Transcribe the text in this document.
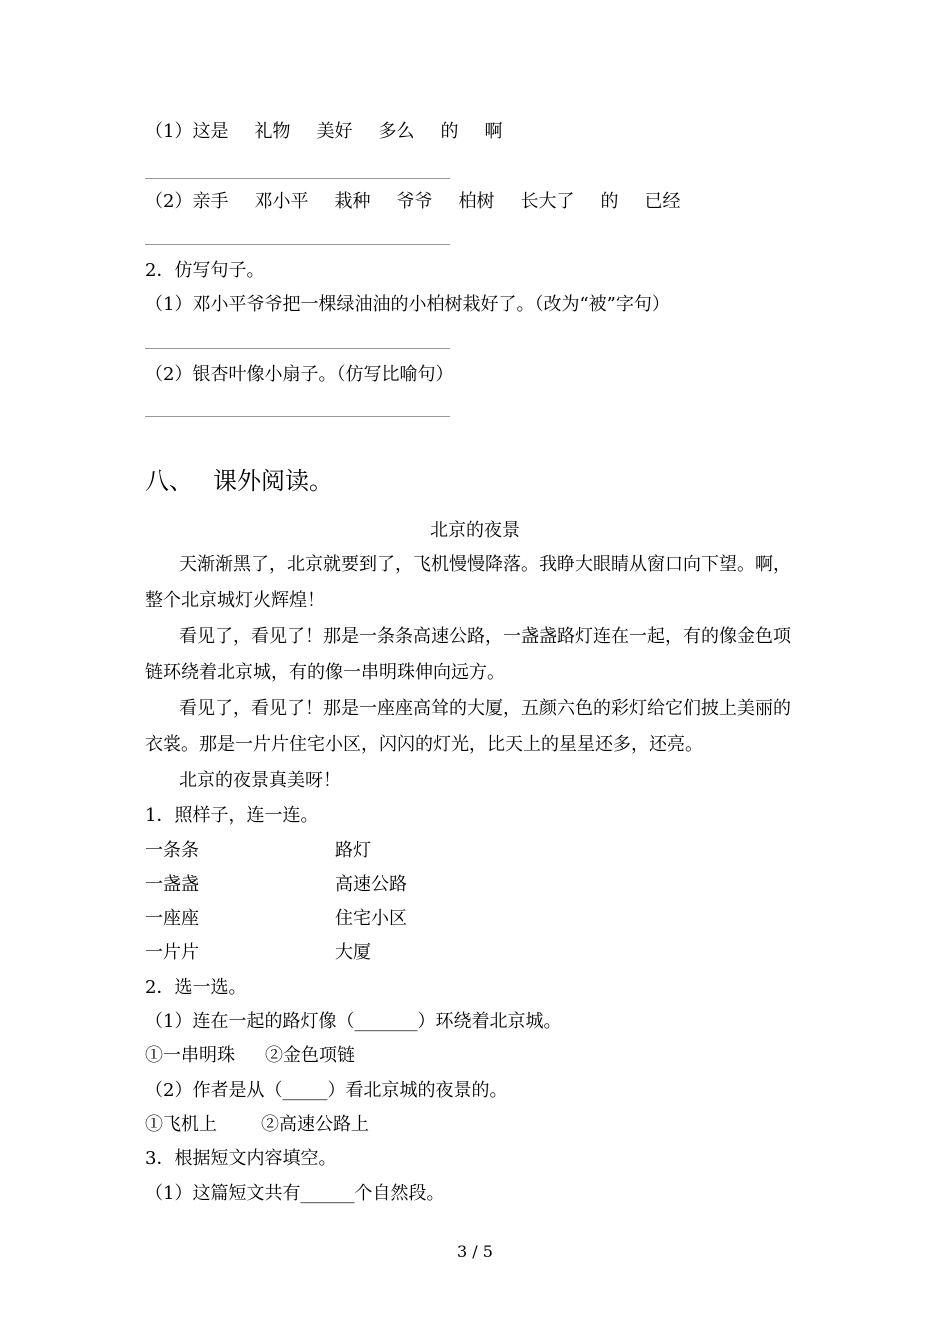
（1）这是 礼物 美好 多么 的 啊
（2）亲手 邓小平 栽种 爷爷 柏树 长大了 的 已经
2．仿写句子。
（1）邓小平爷爷把一棵绿油油的小柏树栽好了。（改为“被”字句）
（2）银杏叶像小扇子。（仿写比喻句）
八、 课外阅读。
北京的夜景
天渐渐黑了，北京就要到了，飞机慢慢降落。我睁大眼睛从窗口向下望。啊，整个北京城灯火辉煌！
看见了，看见了！那是一条条高速公路，一盏盏路灯连在一起，有的像金色项链环绕着北京城，有的像一串明珠伸向远方。
看见了，看见了！那是一座座高耸的大厦，五颜六色的彩灯给它们披上美丽的衣裳。那是一片片住宅小区，闪闪的灯光，比天上的星星还多，还亮。
北京的夜景真美呀！
1．照样子，连一连。
一条条	路灯
一盏盏	高速公路
一座座	住宅小区
一片片	大厦
2．选一选。
（1）连在一起的路灯像（_______）环绕着北京城。
①一串明珠 ②金色项链
（2）作者是从（_____）看北京城的夜景的。
①飞机上 ②高速公路上
3．根据短文内容填空。
（1）这篇短文共有______个自然段。
3 / 5
